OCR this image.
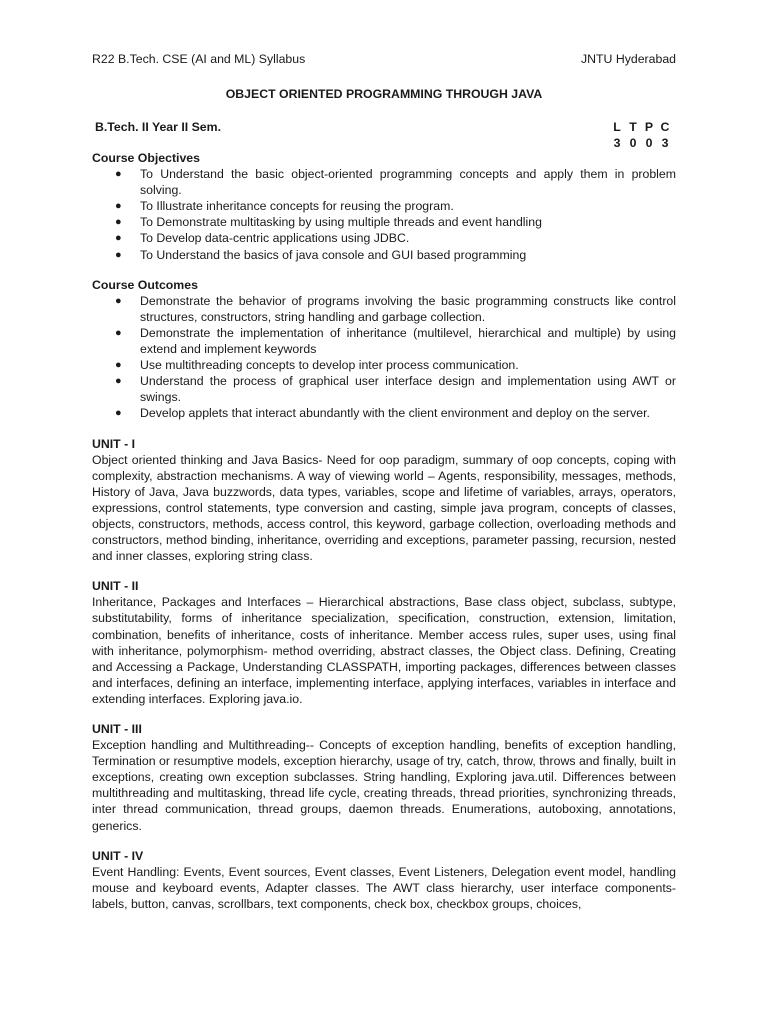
R22 B.Tech. CSE (AI and ML) Syllabus	JNTU Hyderabad
OBJECT ORIENTED PROGRAMMING THROUGH JAVA
B.Tech. II Year II Sem.	L T P C
3 0 0 3
Course Objectives
● To Understand the basic object-oriented programming concepts and apply them in problem solving.
● To Illustrate inheritance concepts for reusing the program.
● To Demonstrate multitasking by using multiple threads and event handling
● To Develop data-centric applications using JDBC.
● To Understand the basics of java console and GUI based programming
Course Outcomes
● Demonstrate the behavior of programs involving the basic programming constructs like control structures, constructors, string handling and garbage collection.
● Demonstrate the implementation of inheritance (multilevel, hierarchical and multiple) by using extend and implement keywords
● Use multithreading concepts to develop inter process communication.
● Understand the process of graphical user interface design and implementation using AWT or swings.
● Develop applets that interact abundantly with the client environment and deploy on the server.
UNIT - I

Object oriented thinking and Java Basics- Need for oop paradigm, summary of oop concepts, coping with complexity, abstraction mechanisms. A way of viewing world – Agents, responsibility, messages, methods, History of Java, Java buzzwords, data types, variables, scope and lifetime of variables, arrays, operators, expressions, control statements, type conversion and casting, simple java program, concepts of classes, objects, constructors, methods, access control, this keyword, garbage collection, overloading methods and constructors, method binding, inheritance, overriding and exceptions, parameter passing, recursion, nested and inner classes, exploring string class.

UNIT - II

Inheritance, Packages and Interfaces – Hierarchical abstractions, Base class object, subclass, subtype, substitutability, forms of inheritance specialization, specification, construction, extension, limitation, combination, benefits of inheritance, costs of inheritance. Member access rules, super uses, using final with inheritance, polymorphism- method overriding, abstract classes, the Object class. Defining, Creating and Accessing a Package, Understanding CLASSPATH, importing packages, differences between classes and interfaces, defining an interface, implementing interface, applying interfaces, variables in interface and extending interfaces. Exploring java.io.

UNIT - III

Exception handling and Multithreading-- Concepts of exception handling, benefits of exception handling, Termination or resumptive models, exception hierarchy, usage of try, catch, throw, throws and finally, built in exceptions, creating own exception subclasses. String handling, Exploring java.util. Differences between multithreading and multitasking, thread life cycle, creating threads, thread priorities, synchronizing threads, inter thread communication, thread groups, daemon threads. Enumerations, autoboxing, annotations, generics.

UNIT - IV

Event Handling: Events, Event sources, Event classes, Event Listeners, Delegation event model, handling mouse and keyboard events, Adapter classes. The AWT class hierarchy, user interface components- labels, button, canvas, scrollbars, text components, check box, checkbox groups, choices,
